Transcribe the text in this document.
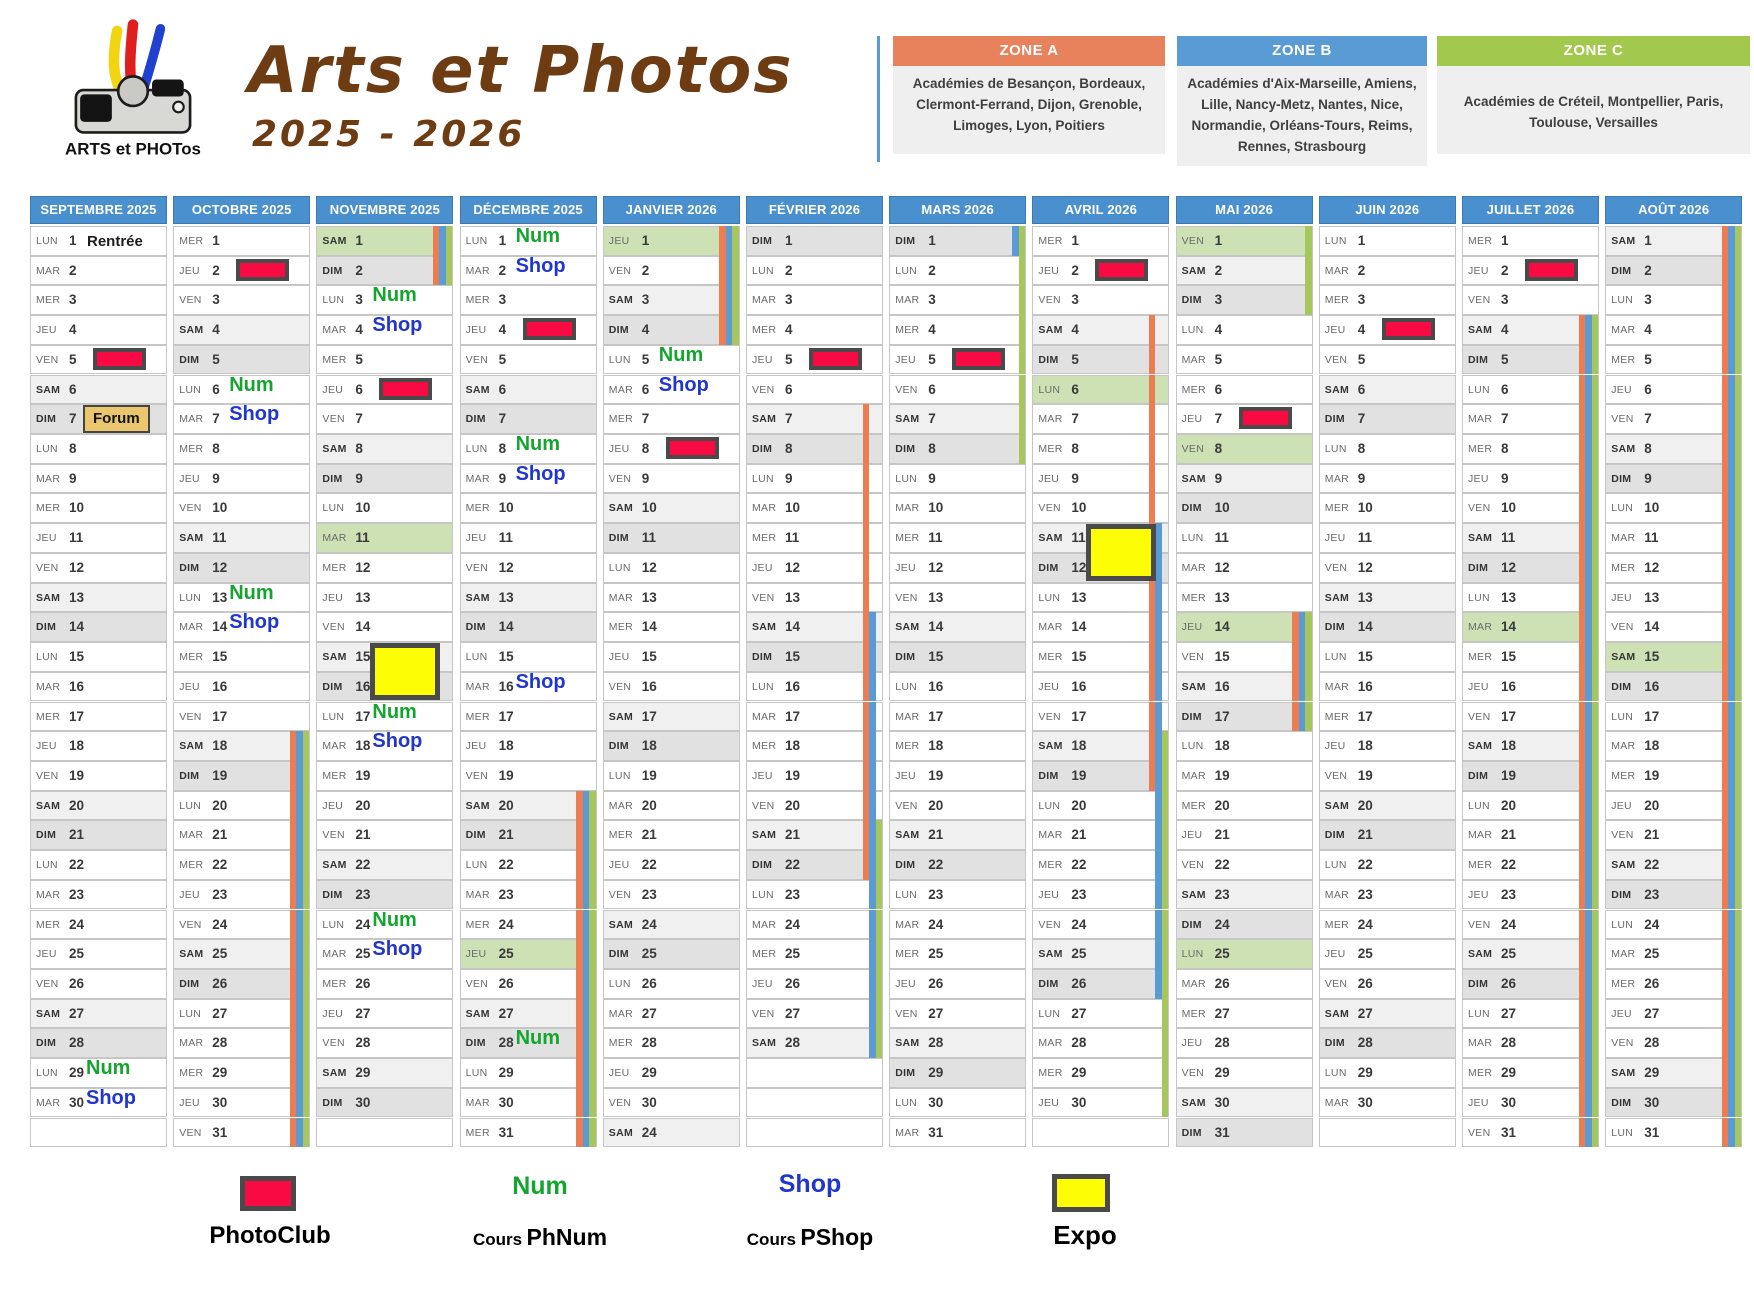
ARTS et PHOTos
Arts et Photos
2025 - 2026
ZONE A
Académies de Besançon, Bordeaux, Clermont-Ferrand, Dijon, Grenoble, Limoges, Lyon, Poitiers
ZONE B
Académies d'Aix-Marseille, Amiens, Lille, Nancy-Metz, Nantes, Nice, Normandie, Orléans-Tours, Reims, Rennes, Strasbourg
ZONE C
Académies de Créteil, Montpellier, Paris, Toulouse, Versailles
SEPTEMBRE 2025
LUN 1 Rentrée
MAR 2
MER 3
JEU 4
VEN 5
SAM 6
DIM 7	Forum
LUN 8
MAR 9
MER 10
JEU 11
VEN 12
SAM 13
DIM 14
LUN 15
MAR 16
MER 17
JEU 18
VEN 19
SAM 20
DIM 21
LUN 22
MAR 23
MER 24
JEU 25
VEN 26
SAM 27
DIM 28
LUN 29 Num
MAR 30 Shop
OCTOBRE 2025
MER 1
JEU 2
VEN 3
SAM 4
DIM 5
LUN 6 Num
MAR 7 Shop
MER 8
JEU 9
VEN 10
SAM 11
DIM 12
LUN 13 Num
MAR 14 Shop
MER 15
JEU 16
VEN 17
SAM 18
DIM 19
LUN 20
MAR 21
MER 22
JEU 23
VEN 24
SAM 25
DIM 26
LUN 27
MAR 28
MER 29
JEU 30
VEN 31
NOVEMBRE 2025
SAM 1
DIM 2
LUN 3 Num
MAR 4 Shop
MER 5
JEU 6
VEN 7
SAM 8
DIM 9
LUN 10
MAR 11
MER 12
JEU 13
VEN 14
SAM 15
DIM 16
LUN 17 Num
MAR 18 Shop
MER 19
JEU 20
VEN 21
SAM 22
DIM 23
LUN 24 Num
MAR 25 Shop
MER 26
JEU 27
VEN 28
SAM 29
DIM 30
DÉCEMBRE 2025
LUN 1 Num
MAR 2 Shop
MER 3
JEU 4
VEN 5
SAM 6
DIM 7
LUN 8 Num
MAR 9 Shop
MER 10
JEU 11
VEN 12
SAM 13
DIM 14
LUN 15
MAR 16 Shop
MER 17
JEU 18
VEN 19
SAM 20
DIM 21
LUN 22
MAR 23
MER 24
JEU 25
VEN 26
SAM 27
DIM 28 Num
LUN 29
MAR 30
MER 31
JANVIER 2026
JEU 1
VEN 2
SAM 3
DIM 4
LUN 5 Num
MAR 6 Shop
MER 7
JEU 8
VEN 9
SAM 10
DIM 11
LUN 12
MAR 13
MER 14
JEU 15
VEN 16
SAM 17
DIM 18
LUN 19
MAR 20
MER 21
JEU 22
VEN 23
SAM 24
DIM 25
LUN 26
MAR 27
MER 28
JEU 29
VEN 30
SAM 24
FÉVRIER 2026
DIM 1
LUN 2
MAR 3
MER 4
JEU 5
VEN 6
SAM 7
DIM 8
LUN 9
MAR 10
MER 11
JEU 12
VEN 13
SAM 14
DIM 15
LUN 16
MAR 17
MER 18
JEU 19
VEN 20
SAM 21
DIM 22
LUN 23
MAR 24
MER 25
JEU 26
VEN 27
SAM 28
MARS 2026
DIM 1
LUN 2
MAR 3
MER 4
JEU 5
VEN 6
SAM 7
DIM 8
LUN 9
MAR 10
MER 11
JEU 12
VEN 13
SAM 14
DIM 15
LUN 16
MAR 17
MER 18
JEU 19
VEN 20
SAM 21
DIM 22
LUN 23
MAR 24
MER 25
JEU 26
VEN 27
SAM 28
DIM 29
LUN 30
MAR 31
AVRIL 2026
MER 1
JEU 2
VEN 3
SAM 4
DIM 5
LUN 6
MAR 7
MER 8
JEU 9
VEN 10
SAM 11
DIM 12
LUN 13
MAR 14
MER 15
JEU 16
VEN 17
SAM 18
DIM 19
LUN 20
MAR 21
MER 22
JEU 23
VEN 24
SAM 25
DIM 26
LUN 27
MAR 28
MER 29
JEU 30
MAI 2026
VEN 1
SAM 2
DIM 3
LUN 4
MAR 5
MER 6
JEU 7
VEN 8
SAM 9
DIM 10
LUN 11
MAR 12
MER 13
JEU 14
VEN 15
SAM 16
DIM 17
LUN 18
MAR 19
MER 20
JEU 21
VEN 22
SAM 23
DIM 24
LUN 25
MAR 26
MER 27
JEU 28
VEN 29
SAM 30
DIM 31
JUIN 2026
LUN 1
MAR 2
MER 3
JEU 4
VEN 5
SAM 6
DIM 7
LUN 8
MAR 9
MER 10
JEU 11
VEN 12
SAM 13
DIM 14
LUN 15
MAR 16
MER 17
JEU 18
VEN 19
SAM 20
DIM 21
LUN 22
MAR 23
MER 24
JEU 25
VEN 26
SAM 27
DIM 28
LUN 29
MAR 30
JUILLET 2026
MER 1
JEU 2
VEN 3
SAM 4
DIM 5
LUN 6
MAR 7
MER 8
JEU 9
VEN 10
SAM 11
DIM 12
LUN 13
MAR 14
MER 15
JEU 16
VEN 17
SAM 18
DIM 19
LUN 20
MAR 21
MER 22
JEU 23
VEN 24
SAM 25
DIM 26
LUN 27
MAR 28
MER 29
JEU 30
VEN 31
AOÛT 2026
SAM 1
DIM 2
LUN 3
MAR 4
MER 5
JEU 6
VEN 7
SAM 8
DIM 9
LUN 10
MAR 11
MER 12
JEU 13
VEN 14
SAM 15
DIM 16
LUN 17
MAR 18
MER 19
JEU 20
VEN 21
SAM 22
DIM 23
LUN 24
MAR 25
MER 26
JEU 27
VEN 28
SAM 29
DIM 30
LUN 31
PhotoClub
Num
Cours PhNum
Shop
Cours PShop	Expo
